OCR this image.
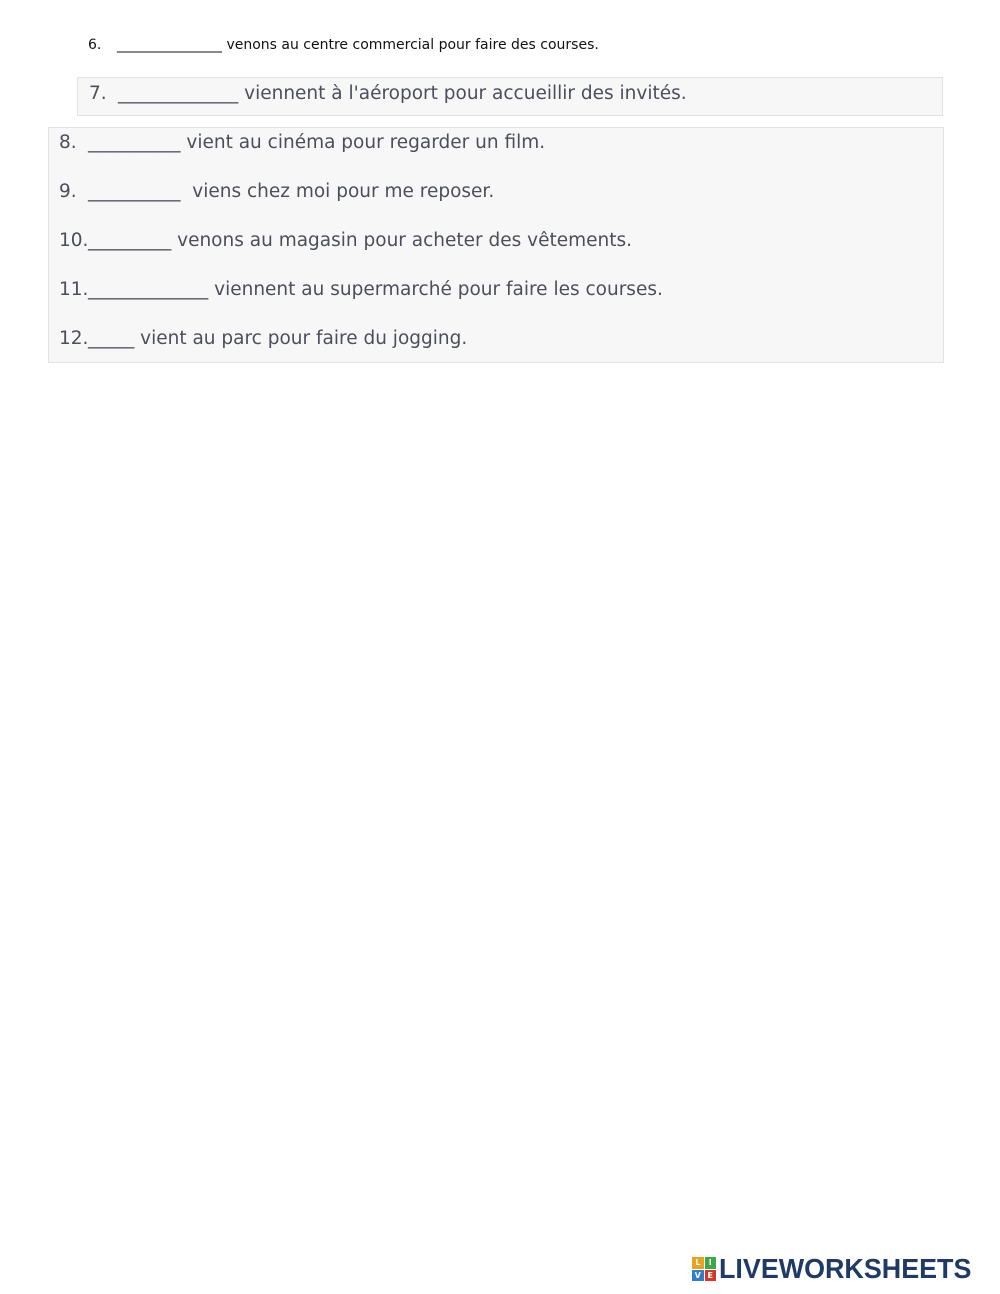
6. _______________ venons au centre commercial pour faire des courses.
7. _____________ viennent à l'aéroport pour accueillir des invités.
8. __________ vient au cinéma pour regarder un film.
9. __________  viens chez moi pour me reposer.
10._________ venons au magasin pour acheter des vêtements.
11._____________ viennent au supermarché pour faire les courses.
12._____ vient au parc pour faire du jogging.
L	I
V E LIVEWORKSHEETS
